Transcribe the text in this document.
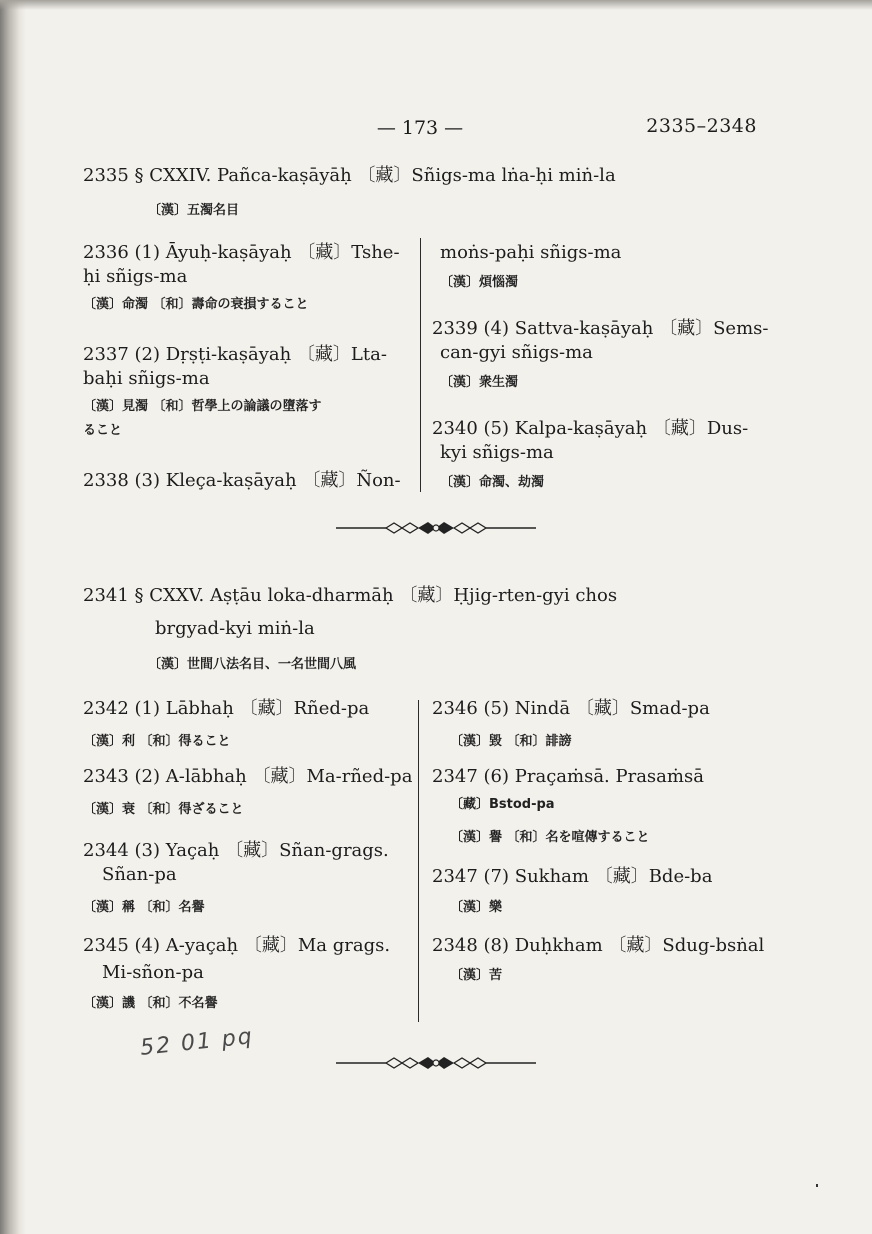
— 173 —	2335–2348
2335 § CXXIV. Pañca-kaṣāyāḥ 〔藏〕Sñigs-ma lṅa-ḥi miṅ-la
〔漢〕五濁名目
2336 (1) Āyuḥ-kaṣāyaḥ 〔藏〕Tshe-
ḥi sñigs-ma
〔漢〕命濁 〔和〕壽命の衰損すること
2337 (2) Dṛṣṭi-kaṣāyaḥ 〔藏〕Lta-
baḥi sñigs-ma
〔漢〕見濁 〔和〕哲學上の論議の墮落す
ること
2338 (3) Kleça-kaṣāyaḥ 〔藏〕Ñon-
moṅs-paḥi sñigs-ma
〔漢〕煩惱濁
2339 (4) Sattva-kaṣāyaḥ 〔藏〕Sems-
can-gyi sñigs-ma
〔漢〕衆生濁
2340 (5) Kalpa-kaṣāyaḥ 〔藏〕Dus-
kyi sñigs-ma
〔漢〕命濁、劫濁
2341 § CXXV. Aṣṭāu loka-dharmāḥ 〔藏〕Ḥjig-rten-gyi chos
brgyad-kyi miṅ-la
〔漢〕世間八法名目、一名世間八風
2342 (1) Lābhaḥ 〔藏〕Rñed-pa
〔漢〕利 〔和〕得ること
2343 (2) A-lābhaḥ 〔藏〕Ma-rñed-pa
〔漢〕衰 〔和〕得ざること
2344 (3) Yaçaḥ 〔藏〕Sñan-grags.
Sñan-pa
〔漢〕稱 〔和〕名譽
2345 (4) A-yaçaḥ 〔藏〕Ma grags.
Mi-sñon-pa
〔漢〕譏 〔和〕不名譽
2346 (5) Nindā 〔藏〕Smad-pa
〔漢〕毀 〔和〕誹謗
2347 (6) Praçaṁsā. Prasaṁsā
〔藏〕Bstod-pa
〔漢〕譽 〔和〕名を喧傳すること
2347 (7) Sukham 〔藏〕Bde-ba
〔漢〕樂
2348 (8) Duḥkham 〔藏〕Sdug-bsṅal
〔漢〕苦
52 01 pq
